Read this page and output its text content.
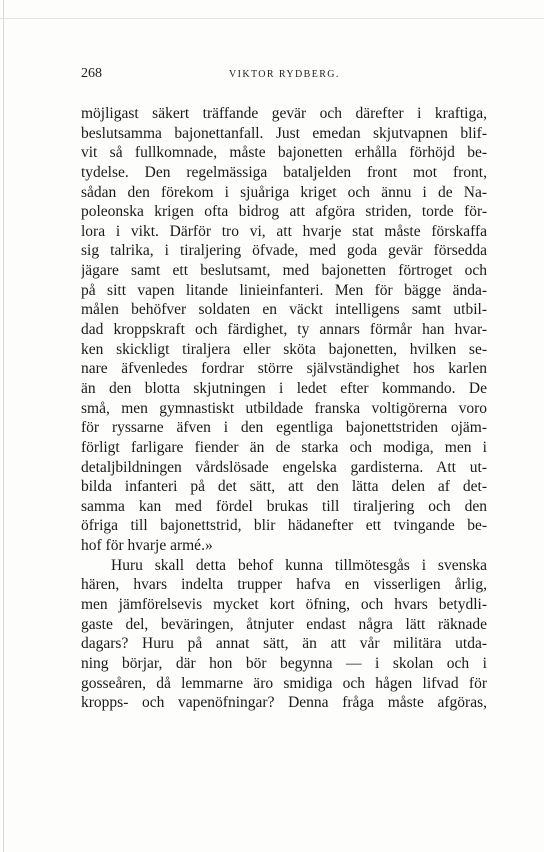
268	VIKTOR RYDBERG.
möjligast säkert träffande gevär och därefter i kraftiga,
beslutsamma bajonettanfall. Just emedan skjutvapnen blif-
vit så fullkomnade, måste bajonetten erhålla förhöjd be-
tydelse. Den regelmässiga bataljelden front mot front,
sådan den förekom i sjuåriga kriget och ännu i de Na-
poleonska krigen ofta bidrog att afgöra striden, torde för-
lora i vikt. Därför tro vi, att hvarje stat måste förskaffa
sig talrika, i tiraljering öfvade, med goda gevär försedda
jägare samt ett beslutsamt, med bajonetten förtroget och
på sitt vapen litande linieinfanteri. Men för bägge ända-
målen behöfver soldaten en väckt intelligens samt utbil-
dad kroppskraft och färdighet, ty annars förmår han hvar-
ken skickligt tiraljera eller sköta bajonetten, hvilken se-
nare äfvenledes fordrar större självständighet hos karlen
än den blotta skjutningen i ledet efter kommando. De
små, men gymnastiskt utbildade franska voltigörerna voro
för ryssarne äfven i den egentliga bajonettstriden ojäm-
förligt farligare fiender än de starka och modiga, men i
detaljbildningen vårdslösade engelska gardisterna. Att ut-
bilda infanteri på det sätt, att den lätta delen af det-
samma kan med fördel brukas till tiraljering och den
öfriga till bajonettstrid, blir hädanefter ett tvingande be-
hof för hvarje armé.»
Huru skall detta behof kunna tillmötesgås i svenska
hären, hvars indelta trupper hafva en visserligen årlig,
men jämförelsevis mycket kort öfning, och hvars betydli-
gaste del, beväringen, åtnjuter endast några lätt räknade
dagars? Huru på annat sätt, än att vår militära utda-
ning börjar, där hon bör begynna — i skolan och i
gosseåren, då lemmarne äro smidiga och hågen lifvad för
kropps- och vapenöfningar? Denna fråga måste afgöras,
